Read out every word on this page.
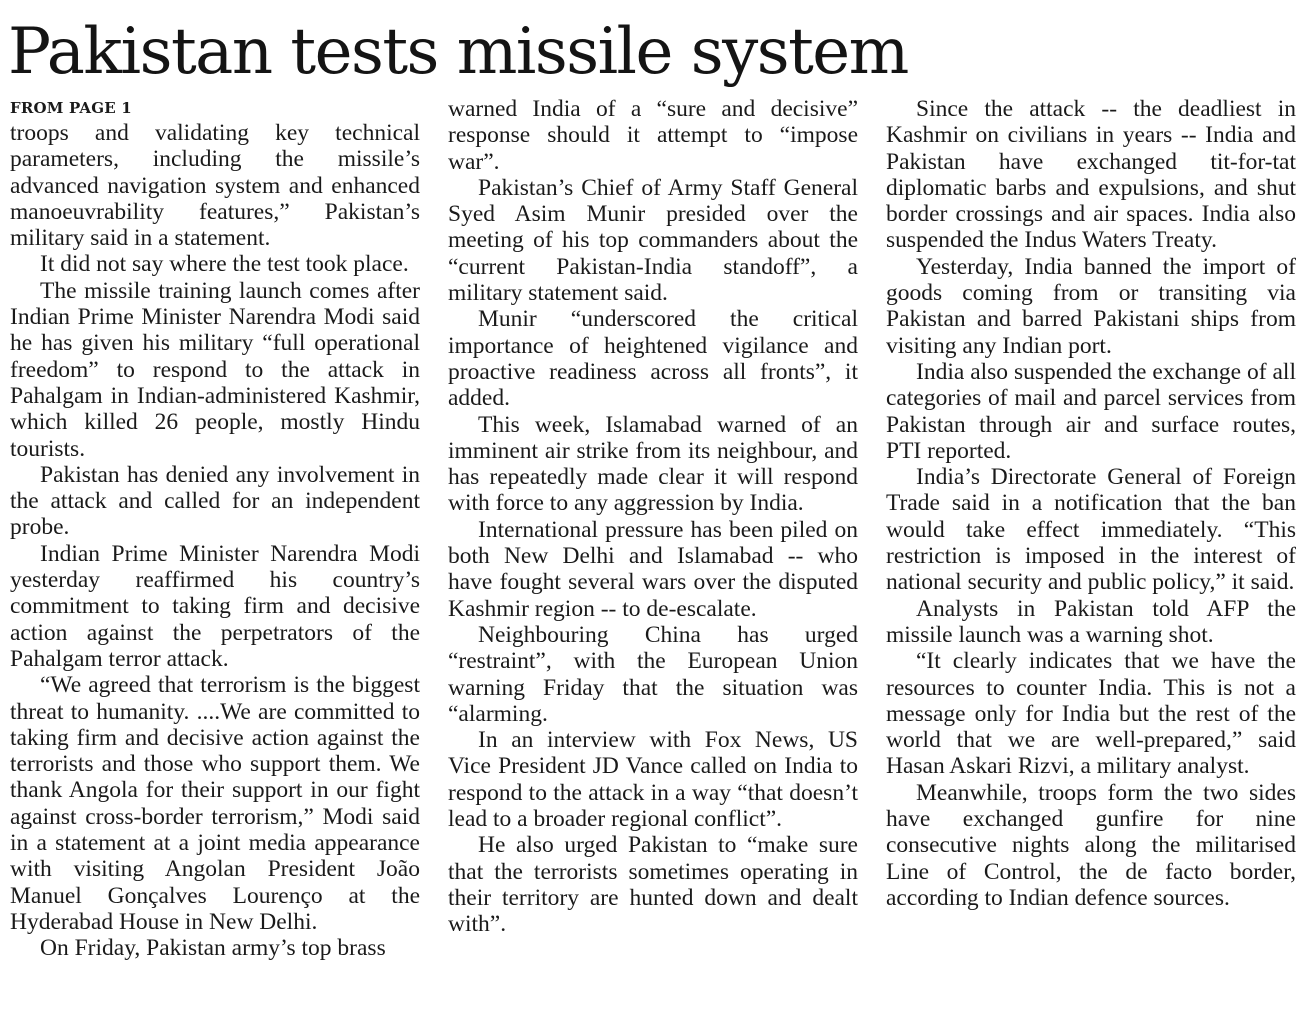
Pakistan tests missile system
FROM PAGE 1

troops and validating key technical parameters, including the missile’s advanced navigation system and enhanced manoeuvrability features,” Pakistan’s military said in a statement.

It did not say where the test took place.

The missile training launch comes after Indian Prime Minister Narendra Modi said he has given his military “full operational freedom” to respond to the attack in Pahalgam in Indian-administered Kashmir, which killed 26 people, mostly Hindu tourists.

Pakistan has denied any involvement in the attack and called for an independent probe.

Indian Prime Minister Narendra Modi yesterday reaffirmed his country’s commitment to taking firm and decisive action against the perpetrators of the Pahalgam terror attack.

“We agreed that terrorism is the biggest threat to humanity. ....We are committed to taking firm and decisive action against the terrorists and those who support them. We thank Angola for their support in our fight against cross-border terrorism,” Modi said in a statement at a joint media appearance with visiting Angolan President João Manuel Gonçalves Lourenço at the Hyderabad House in New Delhi.

On Friday, Pakistan army’s top brass

warned India of a “sure and decisive” response should it attempt to “impose war”.

Pakistan’s Chief of Army Staff General Syed Asim Munir presided over the meeting of his top commanders about the “current Pakistan-India standoff”, a military statement said.

Munir “underscored the critical importance of heightened vigilance and proactive readiness across all fronts”, it added.

This week, Islamabad warned of an imminent air strike from its neighbour, and has repeatedly made clear it will respond with force to any aggression by India.

International pressure has been piled on both New Delhi and Islamabad -- who have fought several wars over the disputed Kashmir region -- to de-escalate.

Neighbouring China has urged “restraint”, with the European Union warning Friday that the situation was “alarming.

In an interview with Fox News, US Vice President JD Vance called on India to respond to the attack in a way “that doesn’t lead to a broader regional conflict”.

He also urged Pakistan to “make sure that the terrorists sometimes operating in their territory are hunted down and dealt with”.

Since the attack -- the deadliest in Kashmir on civilians in years -- India and Pakistan have exchanged tit-for-tat diplomatic barbs and expulsions, and shut border crossings and air spaces. India also suspended the Indus Waters Treaty.

Yesterday, India banned the import of goods coming from or transiting via Pakistan and barred Pakistani ships from visiting any Indian port.

India also suspended the exchange of all categories of mail and parcel services from Pakistan through air and surface routes, PTI reported.

India’s Directorate General of Foreign Trade said in a notification that the ban would take effect immediately. “This restriction is imposed in the interest of national security and public policy,” it said.

Analysts in Pakistan told AFP the missile launch was a warning shot.

“It clearly indicates that we have the resources to counter India. This is not a message only for India but the rest of the world that we are well-prepared,” said Hasan Askari Rizvi, a military analyst.

Meanwhile, troops form the two sides have exchanged gunfire for nine consecutive nights along the militarised Line of Control, the de facto border, according to Indian defence sources.
